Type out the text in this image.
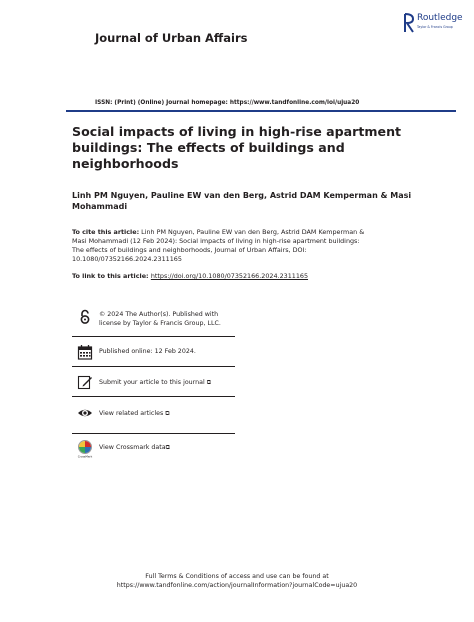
Journal of Urban Affairs
Routledge
Taylor & Francis Group
ISSN: (Print) (Online) Journal homepage: https://www.tandfonline.com/loi/ujua20
Social impacts of living in high-rise apartment buildings: The effects of buildings and neighborhoods
Linh PM Nguyen, Pauline EW van den Berg, Astrid DAM Kemperman & Masi Mohammadi
To cite this article: Linh PM Nguyen, Pauline EW van den Berg, Astrid DAM Kemperman & Masi Mohammadi (12 Feb 2024): Social impacts of living in high-rise apartment buildings: The effects of buildings and neighborhoods, Journal of Urban Affairs, DOI: 10.1080/07352166.2024.2311165
To link to this article: https://doi.org/10.1080/07352166.2024.2311165
© 2024 The Author(s). Published with license by Taylor & Francis Group, LLC.
Published online: 12 Feb 2024.
Submit your article to this journal ⧉
View related articles ⧉
CrossMark
View Crossmark data⧉
Full Terms & Conditions of access and use can be found at
https://www.tandfonline.com/action/journalInformation?journalCode=ujua20
